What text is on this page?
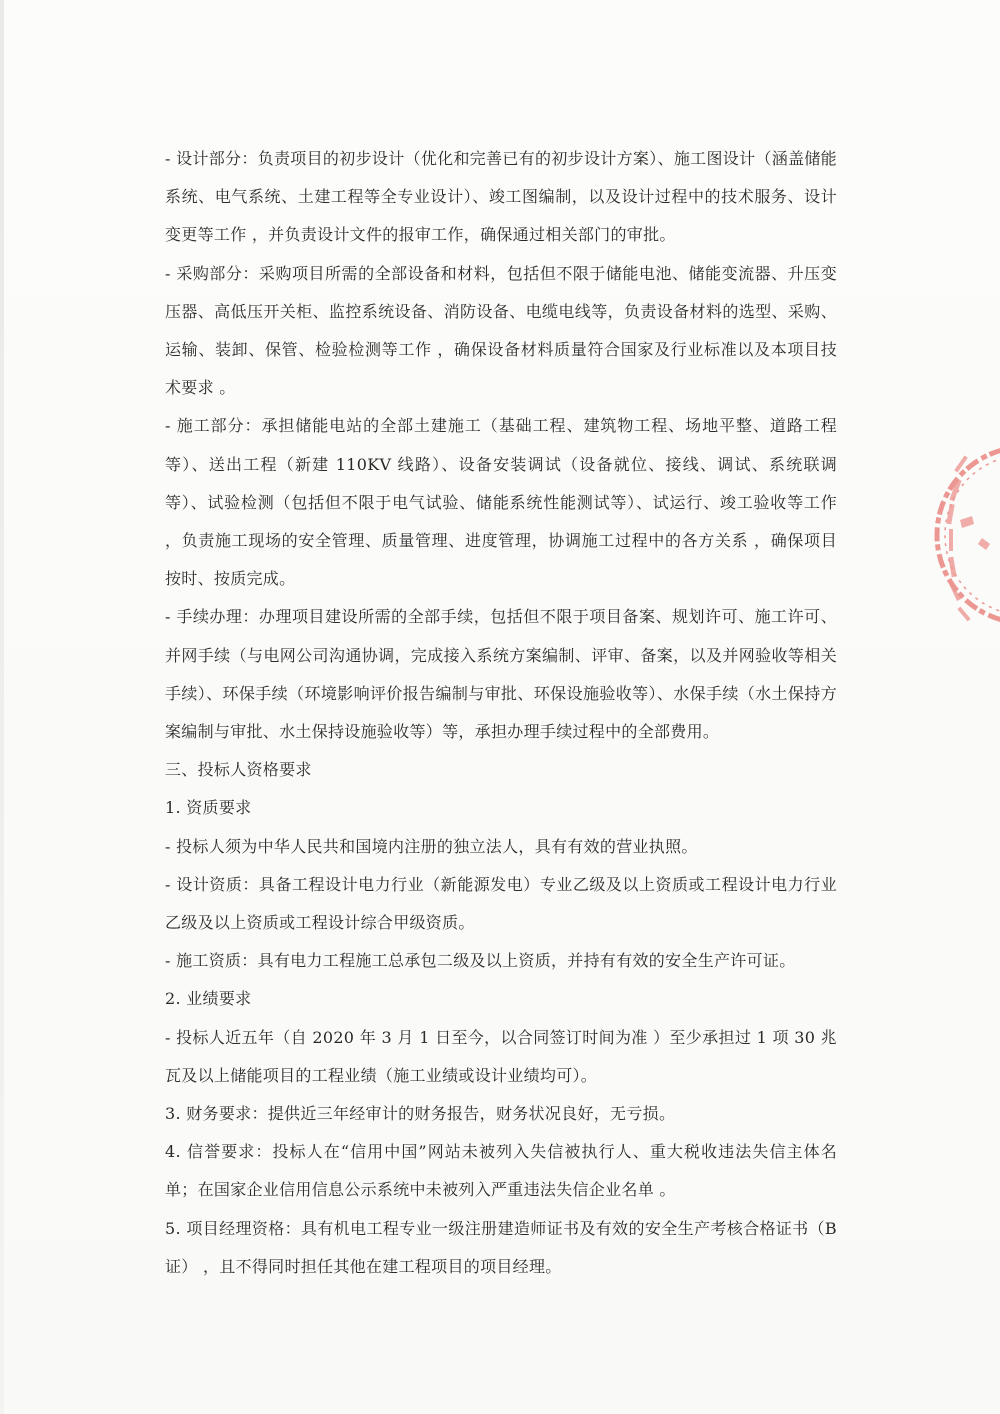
- 设计部分：负责项目的初步设计（优化和完善已有的初步设计方案）、施工图设计（涵盖储能系统、电气系统、土建工程等全专业设计）、竣工图编制，以及设计过程中的技术服务、设计变更等工作 ，并负责设计文件的报审工作，确保通过相关部门的审批。

- 采购部分：采购项目所需的全部设备和材料，包括但不限于储能电池、储能变流器、升压变压器、高低压开关柜、监控系统设备、消防设备、电缆电线等，负责设备材料的选型、采购、运输、装卸、保管、检验检测等工作 ，确保设备材料质量符合国家及行业标准以及本项目技术要求 。

- 施工部分：承担储能电站的全部土建施工（基础工程、建筑物工程、场地平整、道路工程等）、送出工程（新建 110KV 线路）、设备安装调试（设备就位、接线、调试、系统联调等）、试验检测（包括但不限于电气试验、储能系统性能测试等）、试运行、竣工验收等工作 ，负责施工现场的安全管理、质量管理、进度管理，协调施工过程中的各方关系 ，确保项目按时、按质完成。

- 手续办理：办理项目建设所需的全部手续，包括但不限于项目备案、规划许可、施工许可、并网手续（与电网公司沟通协调，完成接入系统方案编制、评审、备案，以及并网验收等相关手续）、环保手续（环境影响评价报告编制与审批、环保设施验收等）、水保手续（水土保持方案编制与审批、水土保持设施验收等）等，承担办理手续过程中的全部费用。

三、投标人资格要求

1. 资质要求

- 投标人须为中华人民共和国境内注册的独立法人，具有有效的营业执照。

- 设计资质：具备工程设计电力行业（新能源发电）专业乙级及以上资质或工程设计电力行业乙级及以上资质或工程设计综合甲级资质。

- 施工资质：具有电力工程施工总承包二级及以上资质，并持有有效的安全生产许可证。

2. 业绩要求

- 投标人近五年（自 2020 年 3 月 1 日至今，以合同签订时间为准 ）至少承担过 1 项 30 兆瓦及以上储能项目的工程业绩（施工业绩或设计业绩均可）。

3. 财务要求：提供近三年经审计的财务报告，财务状况良好，无亏损。

4. 信誉要求：投标人在“信用中国”网站未被列入失信被执行人、重大税收违法失信主体名单；在国家企业信用信息公示系统中未被列入严重违法失信企业名单 。

5. 项目经理资格：具有机电工程专业一级注册建造师证书及有效的安全生产考核合格证书（B 证） ，且不得同时担任其他在建工程项目的项目经理。
